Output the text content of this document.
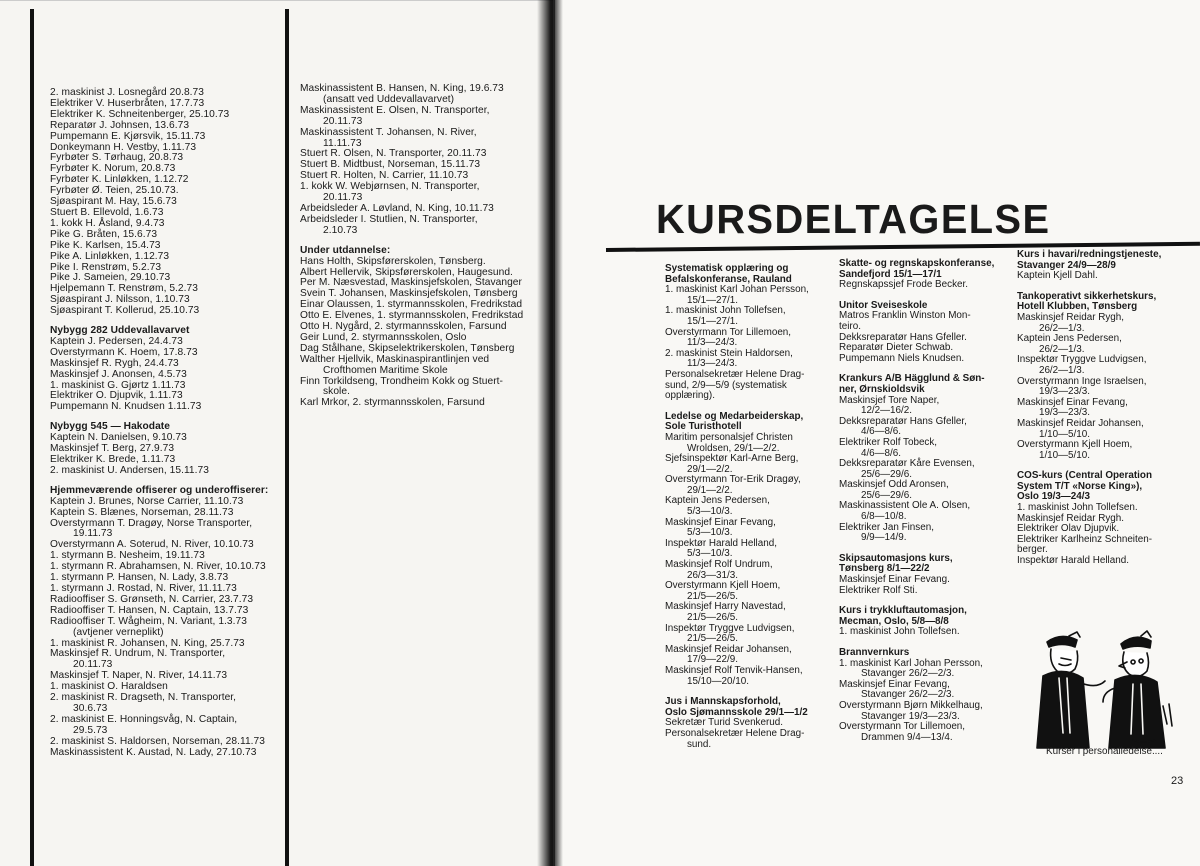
2. maskinist J. Losnegård 20.8.73

Elektriker V. Huserbråten, 17.7.73

Elektriker K. Schneitenberger, 25.10.73

Reparatør J. Johnsen, 13.6.73

Pumpemann E. Kjørsvik, 15.11.73

Donkeymann H. Vestby, 1.11.73

Fyrbøter S. Tørhaug, 20.8.73

Fyrbøter K. Norum, 20.8.73

Fyrbøter K. Linløkken, 1.12.72

Fyrbøter Ø. Teien, 25.10.73.

Sjøaspirant M. Hay, 15.6.73

Stuert B. Ellevold, 1.6.73

1. kokk H. Åsland, 9.4.73

Pike G. Bråten, 15.6.73

Pike K. Karlsen, 15.4.73

Pike A. Linløkken, 1.12.73

Pike I. Renstrøm, 5.2.73

Pike J. Sameien, 29.10.73

Hjelpemann T. Renstrøm, 5.2.73

Sjøaspirant J. Nilsson, 1.10.73

Sjøaspirant T. Kollerud, 25.10.73

Nybygg 282 Uddevallavarvet

Kaptein J. Pedersen, 24.4.73

Overstyrmann K. Hoem, 17.8.73

Maskinsjef R. Rygh, 24.4.73

Maskinsjef J. Anonsen, 4.5.73

1. maskinist G. Gjørtz 1.11.73

Elektriker O. Djupvik, 1.11.73

Pumpemann N. Knudsen 1.11.73

Nybygg 545 — Hakodate

Kaptein N. Danielsen, 9.10.73

Maskinsjef T. Berg, 27.9.73

Elektriker K. Brede, 1.11.73

2. maskinist U. Andersen, 15.11.73

Hjemmeværende offiserer og underoffiserer:

Kaptein J. Brunes, Norse Carrier, 11.10.73

Kaptein S. Blænes, Norseman, 28.11.73

Overstyrmann T. Dragøy, Norse Transporter,

19.11.73

Overstyrmann A. Soterud, N. River, 10.10.73

1. styrmann B. Nesheim, 19.11.73

1. styrmann R. Abrahamsen, N. River, 10.10.73

1. styrmann P. Hansen, N. Lady, 3.8.73

1. styrmann J. Rostad, N. River, 11.11.73

Radiooffiser S. Grønseth, N. Carrier, 23.7.73

Radiooffiser T. Hansen, N. Captain, 13.7.73

Radiooffiser T. Wågheim, N. Variant, 1.3.73

(avtjener verneplikt)

1. maskinist R. Johansen, N. King, 25.7.73

Maskinsjef R. Undrum, N. Transporter,

20.11.73

Maskinsjef T. Naper, N. River, 14.11.73

1. maskinist O. Haraldsen

2. maskinist R. Dragseth, N. Transporter,

30.6.73

2. maskinist E. Honningsvåg, N. Captain,

29.5.73

2. maskinist S. Haldorsen, Norseman, 28.11.73

Maskinassistent K. Austad, N. Lady, 27.10.73

Maskinassistent B. Hansen, N. King, 19.6.73

(ansatt ved Uddevallavarvet)

Maskinassistent E. Olsen, N. Transporter,

20.11.73

Maskinassistent T. Johansen, N. River,

11.11.73

Stuert R. Olsen, N. Transporter, 20.11.73

Stuert B. Midtbust, Norseman, 15.11.73

Stuert R. Holten, N. Carrier, 11.10.73

1. kokk W. Webjørnsen, N. Transporter,

20.11.73

Arbeidsleder A. Løvland, N. King, 10.11.73

Arbeidsleder I. Stutlien, N. Transporter,

2.10.73

Under utdannelse:

Hans Holth, Skipsførerskolen, Tønsberg.

Albert Hellervik, Skipsførerskolen, Haugesund.

Per M. Næsvestad, Maskinsjefskolen, Stavanger

Svein T. Johansen, Maskinsjefskolen, Tønsberg

Einar Olaussen, 1. styrmannsskolen, Fredrikstad

Otto E. Elvenes, 1. styrmannsskolen, Fredrikstad

Otto H. Nygård, 2. styrmannsskolen, Farsund

Geir Lund, 2. styrmannsskolen, Oslo

Dag Stålhane, Skipselektrikerskolen, Tønsberg

Walther Hjellvik, Maskinaspirantlinjen ved

Crofthomen Maritime Skole

Finn Torkildseng, Trondheim Kokk og Stuert-

skole.

Karl Mrkor, 2. styrmannsskolen, Farsund

KURSDELTAGELSE

Systematisk opplæring og

Befalskonferanse, Rauland

1. maskinist Karl Johan Persson,

15/1—27/1.

1. maskinist John Tollefsen,

15/1—27/1.

Overstyrmann Tor Lillemoen,

11/3—24/3.

2. maskinist Stein Haldorsen,

11/3—24/3.

Personalsekretær Helene Drag-

sund, 2/9—5/9 (systematisk

opplæring).

Ledelse og Medarbeiderskap,

Sole Turisthotell

Maritim personalsjef Christen

Wroldsen, 29/1—2/2.

Sjefsinspektør Karl-Arne Berg,

29/1—2/2.

Overstyrmann Tor-Erik Dragøy,

29/1—2/2.

Kaptein Jens Pedersen,

5/3—10/3.

Maskinsjef Einar Fevang,

5/3—10/3.

Inspektør Harald Helland,

5/3—10/3.

Maskinsjef Rolf Undrum,

26/3—31/3.

Overstyrmann Kjell Hoem,

21/5—26/5.

Maskinsjef Harry Navestad,

21/5—26/5.

Inspektør Tryggve Ludvigsen,

21/5—26/5.

Maskinsjef Reidar Johansen,

17/9—22/9.

Maskinsjef Rolf Tenvik-Hansen,

15/10—20/10.

Jus i Mannskapsforhold,

Oslo Sjømannsskole 29/1—1/2

Sekretær Turid Svenkerud.

Personalsekretær Helene Drag-

sund.

Skatte- og regnskapskonferanse,

Sandefjord 15/1—17/1

Regnskapssjef Frode Becker.

Unitor Sveiseskole

Matros Franklin Winston Mon-

teiro.

Dekksreparatør Hans Gfeller.

Reparatør Dieter Schwab.

Pumpemann Niels Knudsen.

Krankurs A/B Hägglund & Søn-

ner, Ørnskioldsvik

Maskinsjef Tore Naper,

12/2—16/2.

Dekksreparatør Hans Gfeller,

4/6—8/6.

Elektriker Rolf Tobeck,

4/6—8/6.

Dekksreparatør Kåre Evensen,

25/6—29/6.

Maskinsjef Odd Aronsen,

25/6—29/6.

Maskinassistent Ole A. Olsen,

6/8—10/8.

Elektriker Jan Finsen,

9/9—14/9.

Skipsautomasjons kurs,

Tønsberg 8/1—22/2

Maskinsjef Einar Fevang.

Elektriker Rolf Sti.

Kurs i trykkluftautomasjon,

Mecman, Oslo, 5/8—8/8

1. maskinist John Tollefsen.

Brannvernkurs

1. maskinist Karl Johan Persson,

Stavanger 26/2—2/3.

Maskinsjef Einar Fevang,

Stavanger 26/2—2/3.

Overstyrmann Bjørn Mikkelhaug,

Stavanger 19/3—23/3.

Overstyrmann Tor Lillemoen,

Drammen 9/4—13/4.

Kurs i havari/redningstjeneste,

Stavanger 24/9—28/9

Kaptein Kjell Dahl.

Tankoperativt sikkerhetskurs,

Hotell Klubben, Tønsberg

Maskinsjef Reidar Rygh,

26/2—1/3.

Kaptein Jens Pedersen,

26/2—1/3.

Inspektør Tryggve Ludvigsen,

26/2—1/3.

Overstyrmann Inge Israelsen,

19/3—23/3.

Maskinsjef Einar Fevang,

19/3—23/3.

Maskinsjef Reidar Johansen,

1/10—5/10.

Overstyrmann Kjell Hoem,

1/10—5/10.

COS-kurs (Central Operation

System T/T «Norse King»),

Oslo 19/3—24/3

1. maskinist John Tollefsen.

Maskinsjef Reidar Rygh.

Elektriker Olav Djupvik.

Elektriker Karlheinz Schneiten-

berger.

Inspektør Harald Helland.

Kurser i personalledelse....
23
